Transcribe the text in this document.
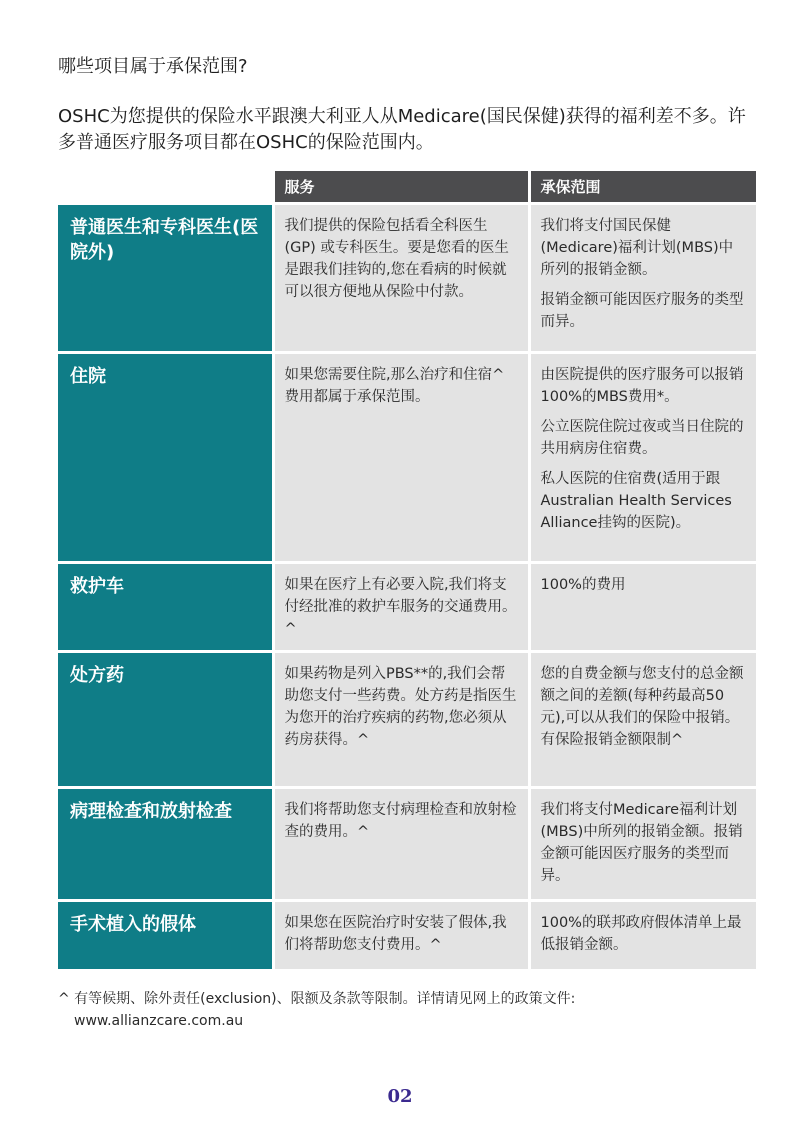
哪些项目属于承保范围?
OSHC为您提供的保险水平跟澳大利亚人从Medicare(国民保健)获得的福利差不多。许多普通医疗服务项目都在OSHC的保险范围内。
	服务	承保范围
普通医生和专科医生(医院外)	我们提供的保险包括看全科医生 (GP) 或专科医生。要是您看的医生是跟我们挂钩的,您在看病的时候就可以很方便地从保险中付款。	我们将支付国民保健(Medicare)福利计划(MBS)中所列的报销金额。

报销金额可能因医疗服务的类型而异。

住院	如果您需要住院,那么治疗和住宿^费用都属于承保范围。	由医院提供的医疗服务可以报销100%的MBS费用*。

公立医院住院过夜或当日住院的共用病房住宿费。

私人医院的住宿费(适用于跟Australian Health Services Alliance挂钩的医院)。

救护车	如果在医疗上有必要入院,我们将支付经批准的救护车服务的交通费用。^	100%的费用

处方药	如果药物是列入PBS**的,我们会帮助您支付一些药费。处方药是指医生为您开的治疗疾病的药物,您必须从药房获得。^	您的自费金额与您支付的总金额额之间的差额(每种药最高50元),可以从我们的保险中报销。有保险报销金额限制^

病理检查和放射检查	我们将帮助您支付病理检查和放射检查的费用。^	我们将支付Medicare福利计划(MBS)中所列的报销金额。报销金额可能因医疗服务的类型而异。

手术植入的假体	如果您在医院治疗时安装了假体,我们将帮助您支付费用。^	100%的联邦政府假体清单上最低报销金额。

^ 有等候期、除外责任(exclusion)、限额及条款等限制。详情请见网上的政策文件:
www.allianzcare.com.au
02
